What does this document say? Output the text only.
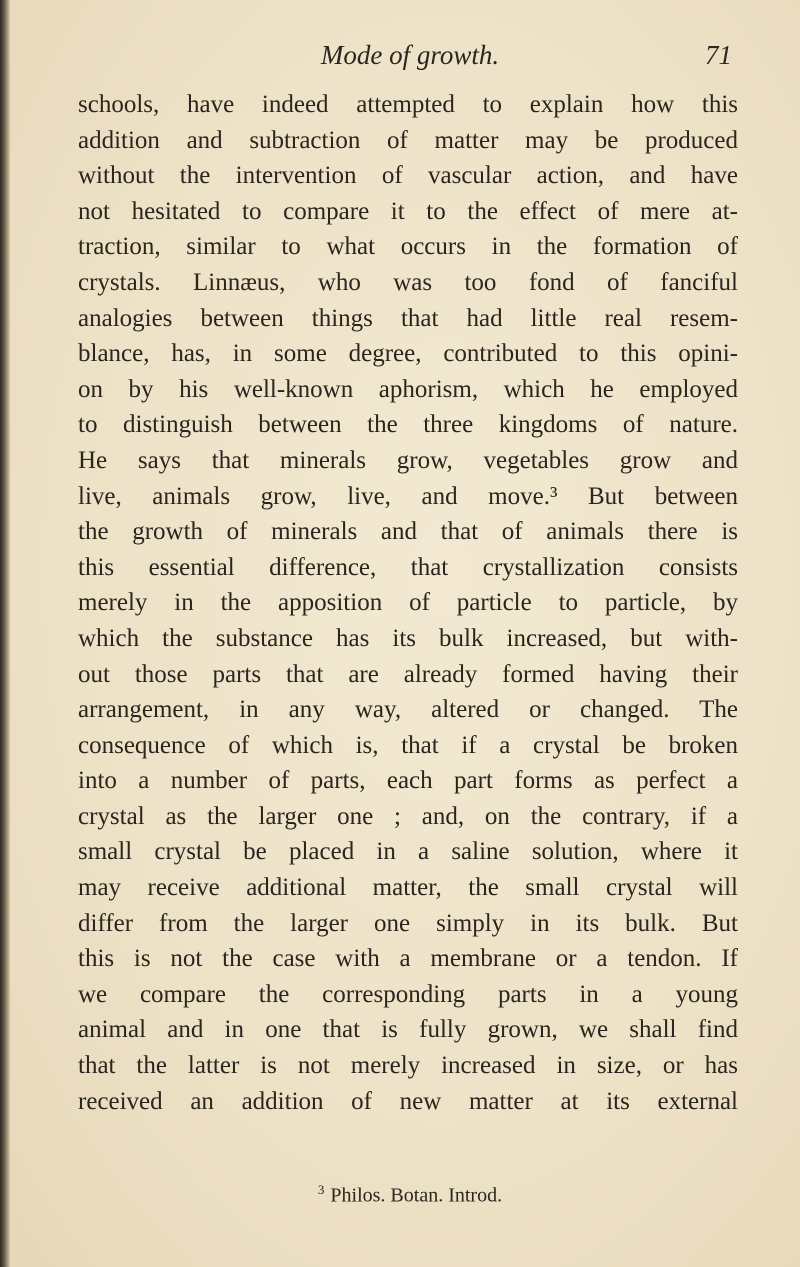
Mode of growth.	71
schools, have indeed attempted to explain how this
addition and subtraction of matter may be produced
without the intervention of vascular action, and have
not hesitated to compare it to the effect of mere at-
traction, similar to what occurs in the formation of
crystals. Linnæus, who was too fond of fanciful
analogies between things that had little real resem-
blance, has, in some degree, contributed to this opini-
on by his well-known aphorism, which he employed
to distinguish between the three kingdoms of nature.
He says that minerals grow, vegetables grow and
live, animals grow, live, and move.³ But between
the growth of minerals and that of animals there is
this essential difference, that crystallization consists
merely in the apposition of particle to particle, by
which the substance has its bulk increased, but with-
out those parts that are already formed having their
arrangement, in any way, altered or changed. The
consequence of which is, that if a crystal be broken
into a number of parts, each part forms as perfect a
crystal as the larger one ; and, on the contrary, if a
small crystal be placed in a saline solution, where it
may receive additional matter, the small crystal will
differ from the larger one simply in its bulk. But
this is not the case with a membrane or a tendon. If
we compare the corresponding parts in a young
animal and in one that is fully grown, we shall find
that the latter is not merely increased in size, or has
received an addition of new matter at its external
$^3$ Philos. Botan. Introd.
